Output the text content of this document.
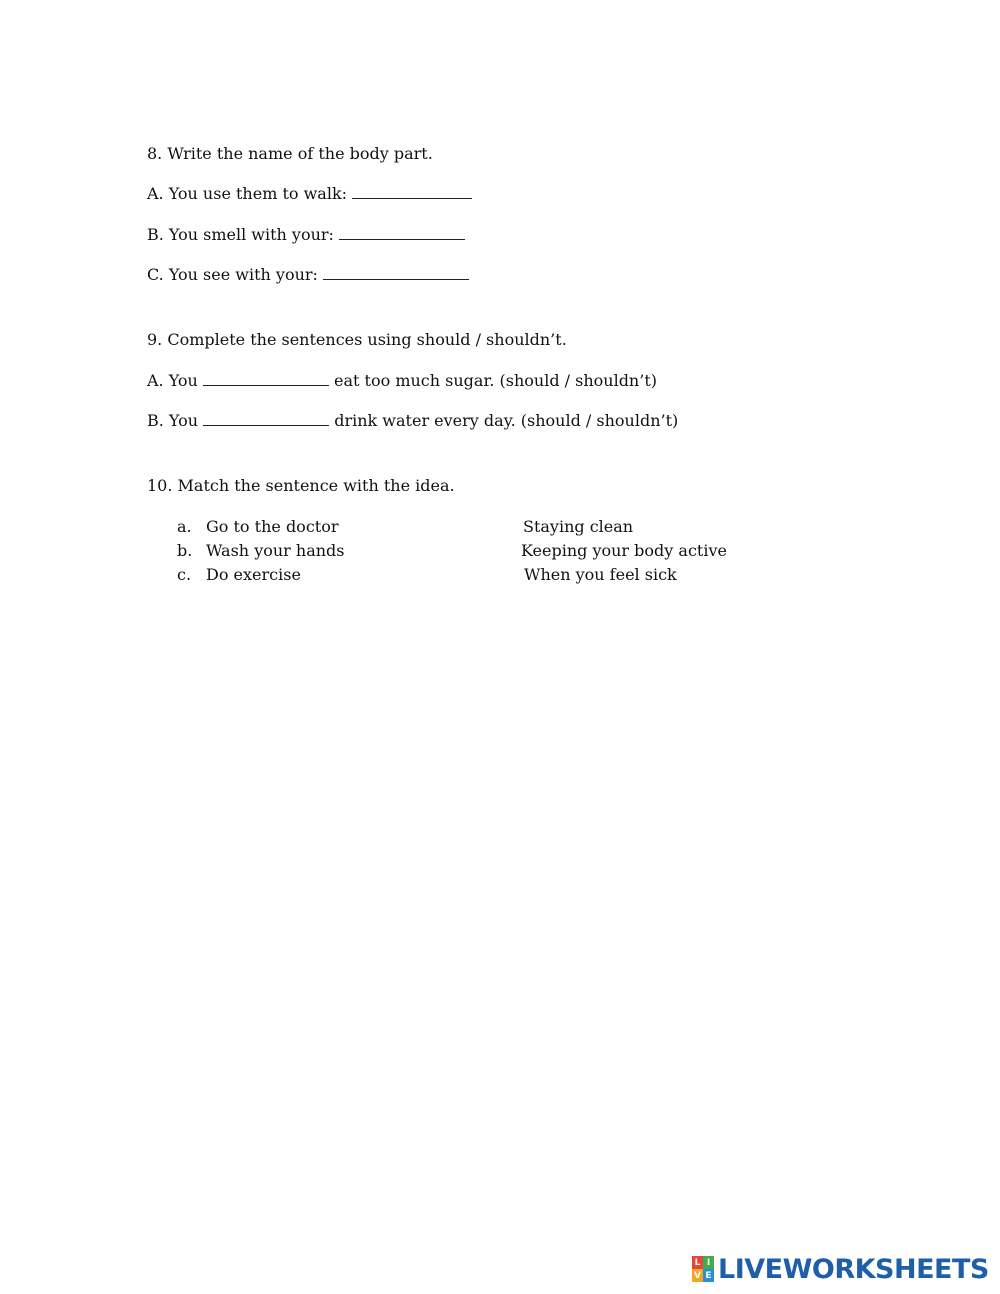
8. Write the name of the body part.
A. You use them to walk:
B. You smell with your:
C. You see with your:
9. Complete the sentences using should / shouldn’t.
A. You	eat too much sugar. (should / shouldn’t)
B. You	drink water every day. (should / shouldn’t)
10. Match the sentence with the idea.
a. Go to the doctor	Staying clean
b. Wash your hands	Keeping your body active
c. Do exercise	When you feel sick
L I
V E LIVEWORKSHEETS
